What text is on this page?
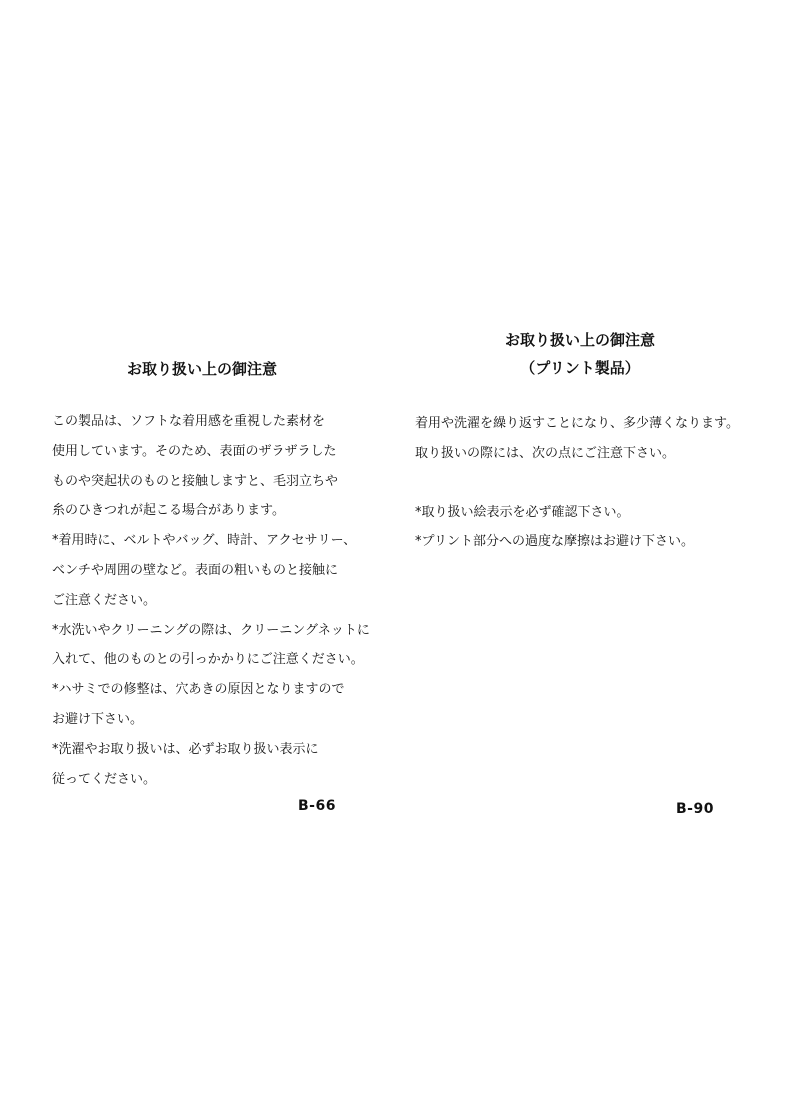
お取り扱い上の御注意
この製品は、ソフトな着用感を重視した素材を
使用しています。そのため、表面のザラザラした
ものや突起状のものと接触しますと、毛羽立ちや
糸のひきつれが起こる場合があります。
*着用時に、ベルトやバッグ、時計、アクセサリー、
ベンチや周囲の壁など。表面の粗いものと接触に
ご注意ください。
*水洗いやクリーニングの際は、クリーニングネットに
入れて、他のものとの引っかかりにご注意ください。
*ハサミでの修整は、穴あきの原因となりますので
お避け下さい。
*洗濯やお取り扱いは、必ずお取り扱い表示に
従ってください。
B-66
お取り扱い上の御注意
（プリント製品）
着用や洗濯を繰り返すことになり、多少薄くなります。
取り扱いの際には、次の点にご注意下さい。
*取り扱い絵表示を必ず確認下さい。
*プリント部分への過度な摩擦はお避け下さい。
B-90
